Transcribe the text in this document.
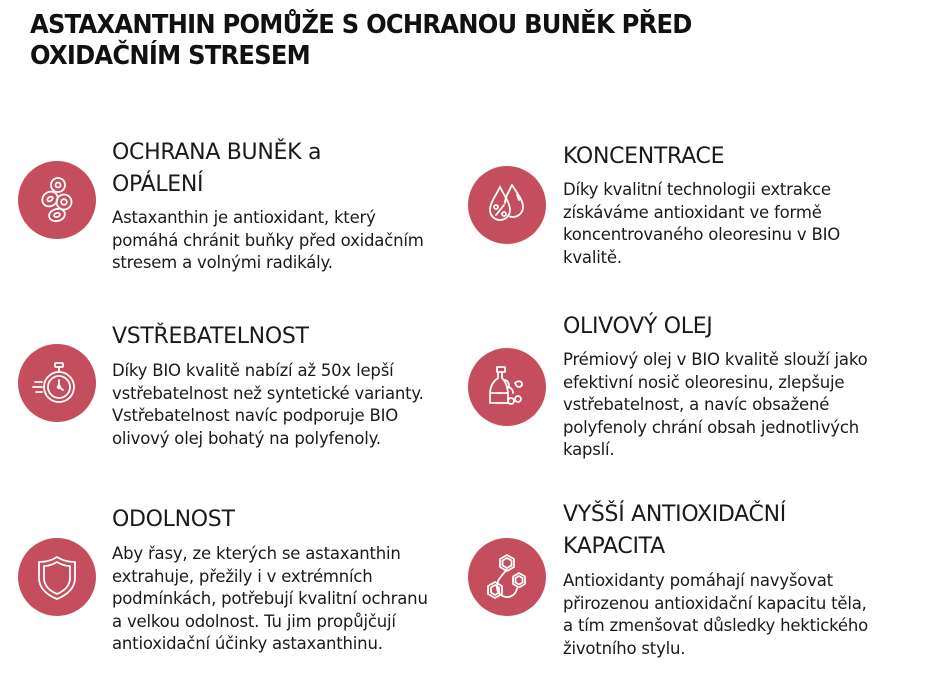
ASTAXANTHIN POMŮŽE S OCHRANOU BUNĚK PŘED
OXIDAČNÍM STRESEM
OCHRANA BUNĚK a
OPÁLENÍ
Astaxanthin je antioxidant, který
pomáhá chránit buňky před oxidačním
stresem a volnými radikály.
KONCENTRACE
Díky kvalitní technologii extrakce
získáváme antioxidant ve formě
koncentrovaného oleoresinu v BIO
kvalitě.
VSTŘEBATELNOST
Díky BIO kvalitě nabízí až 50x lepší
vstřebatelnost než syntetické varianty.
Vstřebatelnost navíc podporuje BIO
olivový olej bohatý na polyfenoly.
OLIVOVÝ OLEJ
Prémiový olej v BIO kvalitě slouží jako
efektivní nosič oleoresinu, zlepšuje
vstřebatelnost, a navíc obsažené
polyfenoly chrání obsah jednotlivých
kapslí.
ODOLNOST
Aby řasy, ze kterých se astaxanthin
extrahuje, přežily i v extrémních
podmínkách, potřebují kvalitní ochranu
a velkou odolnost. Tu jim propůjčují
antioxidační účinky astaxanthinu.
VYŠŠÍ ANTIOXIDAČNÍ
KAPACITA
Antioxidanty pomáhají navyšovat
přirozenou antioxidační kapacitu těla,
a tím zmenšovat důsledky hektického
životního stylu.
